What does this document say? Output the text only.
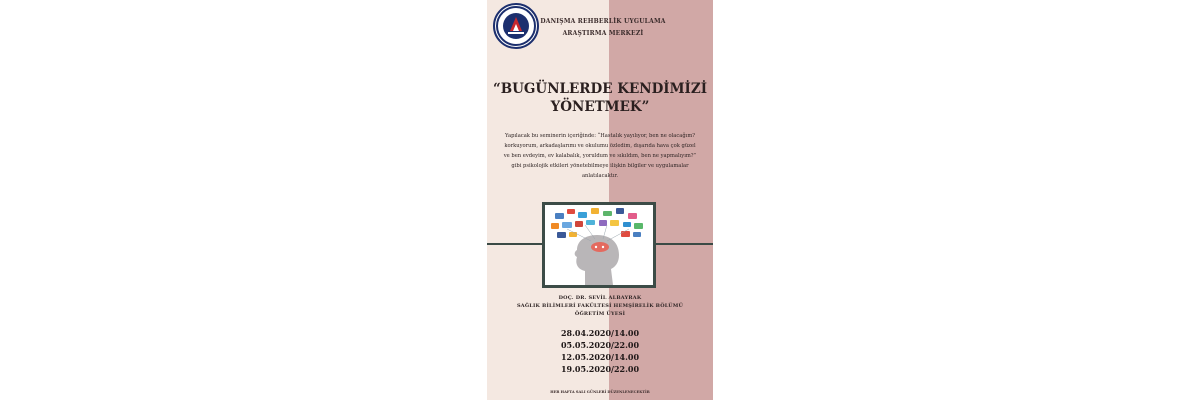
DANIŞMA REHBERLİK UYGULAMA
ARAŞTIRMA MERKEZİ
“BUGÜNLERDE KENDİMİZİ
YÖNETMEK”
Yapılacak bu seminerin içeriğinde: “Hastalık yayılıyor, ben ne olacağım? korkuyorum, arkadaşlarımı ve okulumu özledim, dışarıda hava çok güzel ve ben evdeyim, ev kalabalık, yoruldum ve sıkıldım, ben ne yapmalıyım?” gibi psikolojik etkileri yönetebilmeye ilişkin bilgiler ve uygulamalar anlatılacaktır.
DOÇ. DR. SEVİL ALBAYRAK
SAĞLIK BİLİMLERİ FAKÜLTESİ HEMŞİRELİK BÖLÜMÜ
ÖĞRETİM ÜYESİ
28.04.2020/14.00
05.05.2020/22.00
12.05.2020/14.00
19.05.2020/22.00
HER HAFTA SALI GÜNLERİ DÜZENLENECEKTİR
